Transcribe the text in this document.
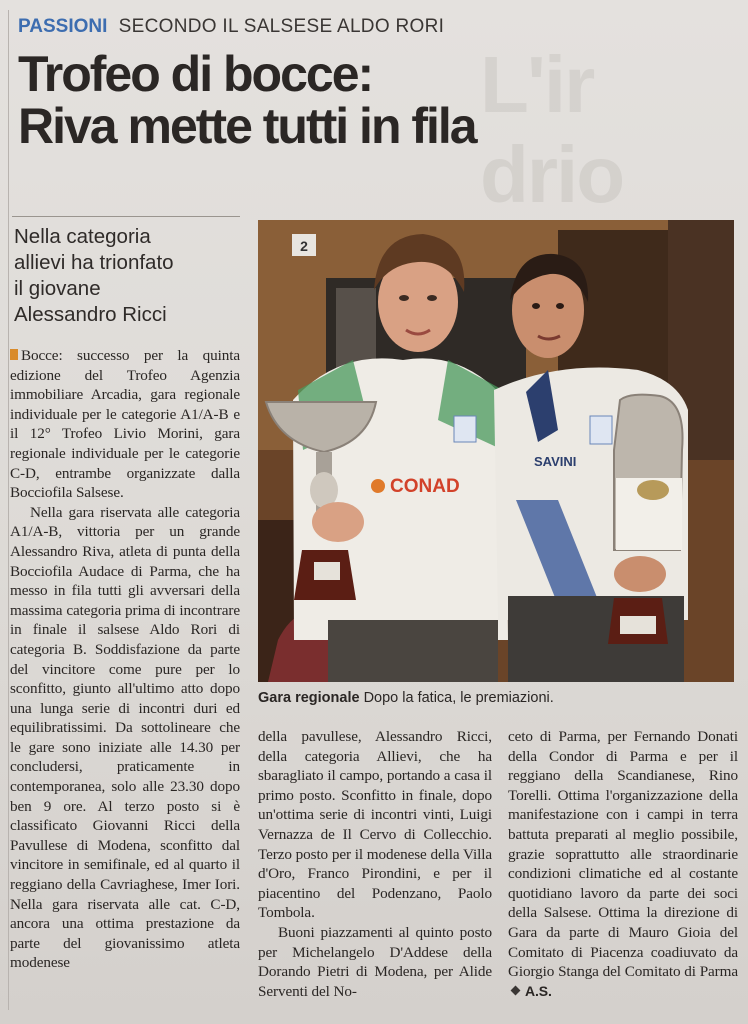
L'ir
drio
PASSIONI SECONDO IL SALSESE ALDO RORI
Trofeo di bocce:
Riva mette tutti in fila
Nella categoria
allievi ha trionfato
il giovane
Alessandro Ricci

Bocce: successo per la quinta edizione del Trofeo Agenzia immobiliare Arcadia, gara regionale individuale per le categorie A1/A-B e il 12° Trofeo Livio Morini, gara regionale individuale per le categorie C-D, entrambe organizzate dalla Bocciofila Salsese.

Nella gara riservata alle categoria A1/A-B, vittoria per un grande Alessandro Riva, atleta di punta della Bocciofila Audace di Parma, che ha messo in fila tutti gli avversari della massima categoria prima di incontrare in finale il salsese Aldo Rori di categoria B. Soddisfazione da parte del vincitore come pure per lo sconfitto, giunto all'ultimo atto dopo una lunga serie di incontri duri ed equilibratissimi. Da sottolineare che le gare sono iniziate alle 14.30 per concludersi, praticamente in contemporanea, solo alle 23.30 dopo ben 9 ore. Al terzo posto si è classificato Giovanni Ricci della Pavullese di Modena, sconfitto dal vincitore in semifinale, ed al quarto il reggiano della Cavriaghese, Imer Iori. Nella gara riservata alle cat. C-D, ancora una ottima prestazione da parte del giovanissimo atleta modenese

2
CONAD
SAVINI
Gara regionale Dopo la fatica, le premiazioni.

della pavullese, Alessandro Ricci, della categoria Allievi, che ha sbaragliato il campo, portando a casa il primo posto. Sconfitto in finale, dopo un'ottima serie di incontri vinti, Luigi Vernazza de Il Cervo di Collecchio. Terzo posto per il modenese della Villa d'Oro, Franco Pirondini, e per il piacentino del Podenzano, Paolo Tombola.

Buoni piazzamenti al quinto posto per Michelangelo D'Addese della Dorando Pietri di Modena, per Alide Serventi del No-

ceto di Parma, per Fernando Donati della Condor di Parma e per il reggiano della Scandianese, Rino Torelli. Ottima l'organizzazione della manifestazione con i campi in terra battuta preparati al meglio possibile, grazie soprattutto alle straordinarie condizioni climatiche ed al costante quotidiano lavoro da parte dei soci della Salsese. Ottima la direzione di Gara da parte di Mauro Gioia del Comitato di Piacenza coadiuvato da Giorgio Stanga del Comitato di ParmaA.S.
